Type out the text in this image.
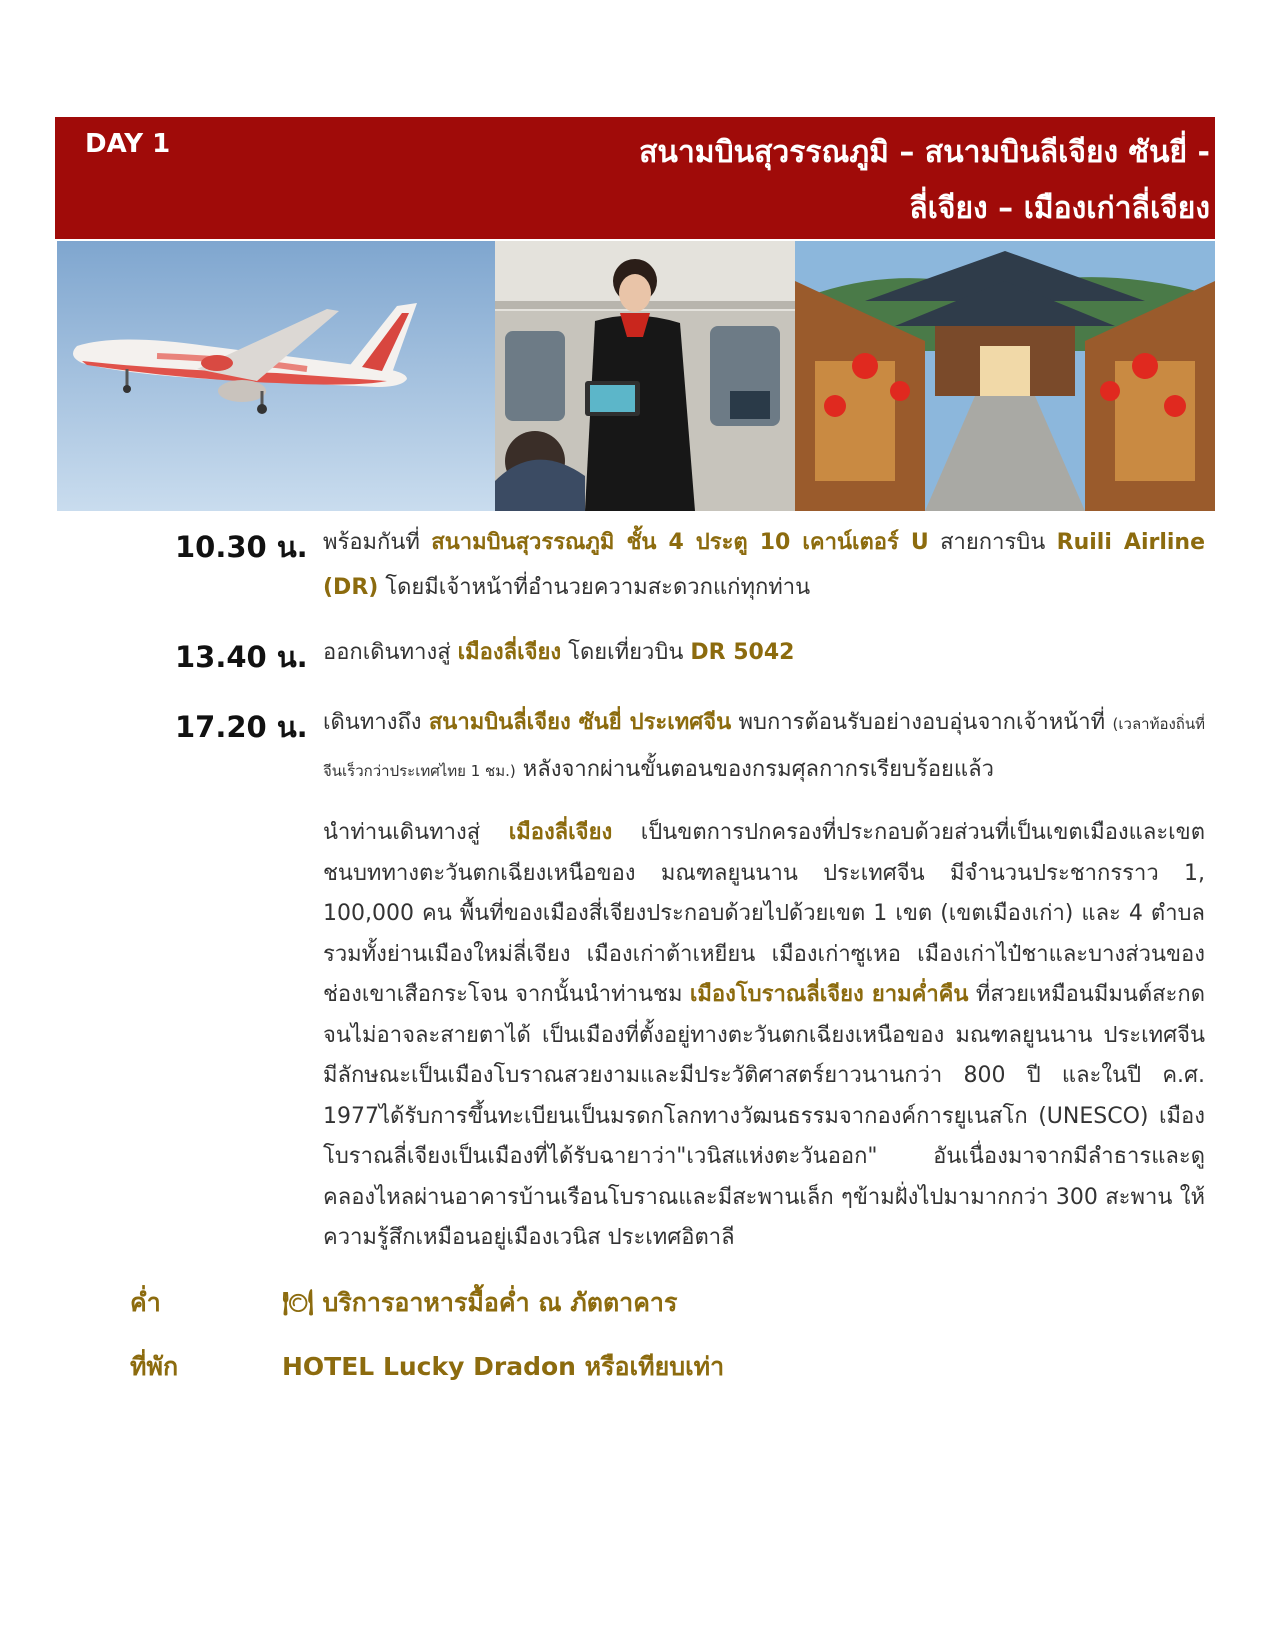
DAY 1	สนามบินสุวรรณภูมิ – สนามบินลีเจียง ซันยี่ -
ลี่เจียง – เมืองเก่าลี่เจียง
10.30 น. พร้อมกันที่ สนามบินสุวรรณภูมิ ชั้น 4 ประตู 10 เคาน์เตอร์ U สายการบิน Ruili Airline (DR) โดยมีเจ้าหน้าที่อำนวยความสะดวกแก่ทุกท่าน
13.40 น. ออกเดินทางสู่ เมืองลี่เจียง โดยเที่ยวบิน DR 5042
17.20 น. เดินทางถึง สนามบินลี่เจียง ซันยี่ ประเทศจีน พบการต้อนรับอย่างอบอุ่นจากเจ้าหน้าที่ (เวลาท้องถิ่นที่จีนเร็วกว่าประเทศไทย 1 ชม.) หลังจากผ่านขั้นตอนของกรมศุลกากรเรียบร้อยแล้ว
นำท่านเดินทางสู่ เมืองลี่เจียง เป็นขตการปกครองที่ประกอบด้วยส่วนที่เป็นเขตเมืองและเขตชนบททางตะวันตกเฉียงเหนือของ มณฑลยูนนาน ประเทศจีน มีจำนวนประชากรราว 1, 100,000 คน พื้นที่ของเมืองสี่เจียงประกอบด้วยไปด้วยเขต 1 เขต (เขตเมืองเก่า) และ 4 ตำบล รวมทั้งย่านเมืองใหม่ลี่เจียง เมืองเก่าต้าเหยียน เมืองเก่าซูเหอ เมืองเก่าไป๋ชาและบางส่วนของช่องเขาเสือกระโจน จากนั้นนำท่านชม เมืองโบราณลี่เจียง ยามค่ำคืน ที่สวยเหมือนมีมนต์สะกดจนไม่อาจละสายตาได้ เป็นเมืองที่ตั้งอยู่ทางตะวันตกเฉียงเหนือของ มณฑลยูนนาน ประเทศจีน มีลักษณะเป็นเมืองโบราณสวยงามและมีประวัติศาสตร์ยาวนานกว่า 800 ปี และในปี ค.ศ. 1977ได้รับการขึ้นทะเบียนเป็นมรดกโลกทางวัฒนธรรมจากองค์การยูเนสโก (UNESCO) เมืองโบราณลี่เจียงเป็นเมืองที่ได้รับฉายาว่า"เวนิสแห่งตะวันออก" อันเนื่องมาจากมีลำธารและดูคลองไหลผ่านอาคารบ้านเรือนโบราณและมีสะพานเล็ก ๆข้ามฝั่งไปมามากกว่า 300 สะพาน ให้ความรู้สึกเหมือนอยู่เมืองเวนิส ประเทศอิตาลี
ค่ำ	🍽 บริการอาหารมื้อค่ำ ณ ภัตตาคาร
ที่พัก	HOTEL Lucky Dradon หรือเทียบเท่า
